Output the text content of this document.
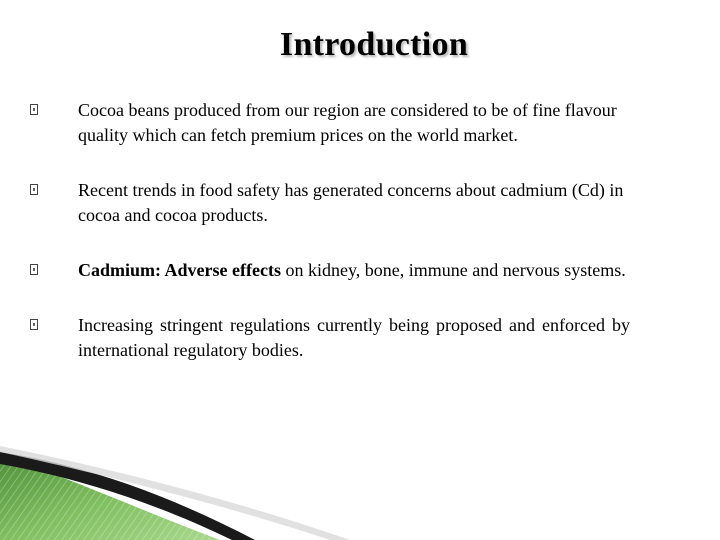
Introduction
Cocoa beans produced from our region are considered to be of fine flavour quality which can fetch premium prices on the world market.
Recent trends in food safety has generated concerns about cadmium (Cd) in cocoa and cocoa products.
Cadmium: Adverse effects on kidney, bone, immune and nervous systems.
Increasing stringent regulations currently being proposed and enforced by international regulatory bodies.
